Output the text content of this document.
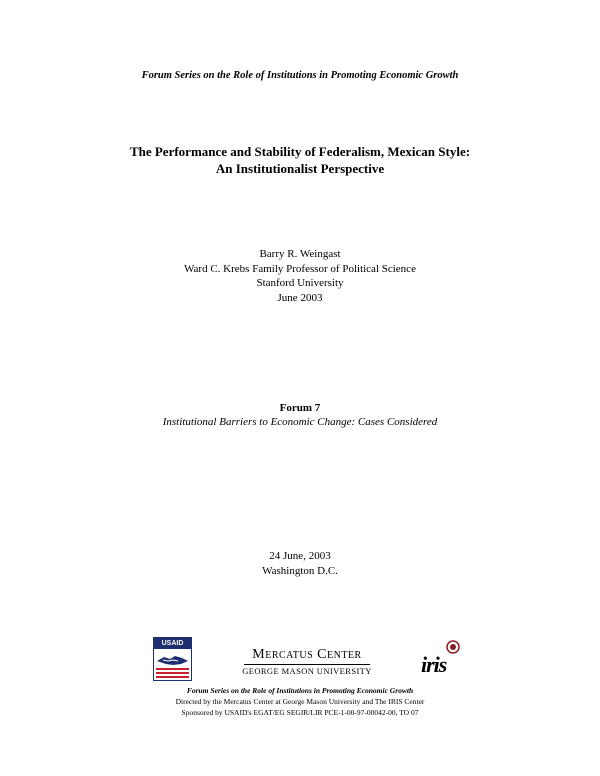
Forum Series on the Role of Institutions in Promoting Economic Growth
The Performance and Stability of Federalism, Mexican Style:
An Institutionalist Perspective
Barry R. Weingast
Ward C. Krebs Family Professor of Political Science
Stanford University
June 2003
Forum 7
Institutional Barriers to Economic Change: Cases Considered
24 June, 2003
Washington D.C.
USAID
Mercatus Center
GEORGE MASON UNIVERSITY iris
Forum Series on the Role of Institutions in Promoting Economic Growth
Directed by the Mercatus Center at George Mason University and The IRIS Center
Sponsored by USAID's EGAT/EG SEGIR/LIR PCE-1-00-97-00042-00, TO 07
